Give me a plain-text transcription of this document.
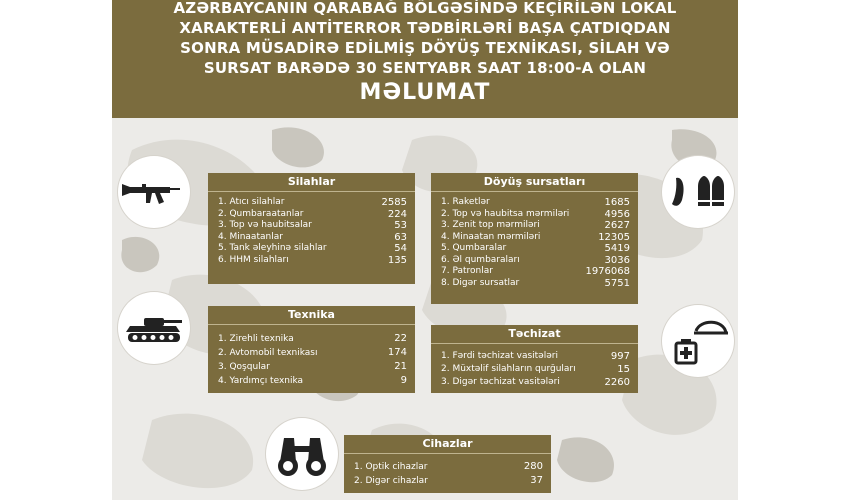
AZƏRBAYCANIN QARABAĞ BÖLGƏSİNDƏ KEÇİRİLƏN LOKAL
XARAKTERLİ ANTİTERROR TƏDBİRLƏRİ BAŞA ÇATDIQDAN
SONRA MÜSADİRƏ EDİLMİŞ DÖYÜŞ TEXNİKASI, SİLAH VƏ
SURSAT BARƏDƏ 30 SENTYABR SAAT 18:00-A OLAN
MƏLUMAT
Silahlar
1. Atıcı silahlar	2585
2. Qumbaraatanlar	224
3. Top və haubitsalar	53
4. Minaatanlar	63
5. Tank əleyhinə silahlar	54
6. HHM silahları	135
Döyüş sursatları
1. Raketlər	1685
2. Top və haubitsa mərmiləri	4956
3. Zenit top mərmiləri	2627
4. Minaatan mərmiləri	12305
5. Qumbaralar	5419
6. Əl qumbaraları	3036
7. Patronlar	1976068
8. Digər sursatlar	5751
Texnika
1. Zirehli texnika	22
2. Avtomobil texnikası	174
3. Qoşqular	21
4. Yardımçı texnika	9
Təchizat
1. Fərdi təchizat vasitələri	997
2. Müxtəlif silahların qurğuları	15
3. Digər təchizat vasitələri	2260
Cihazlar
1. Optik cihazlar	280
2. Digər cihazlar	37
